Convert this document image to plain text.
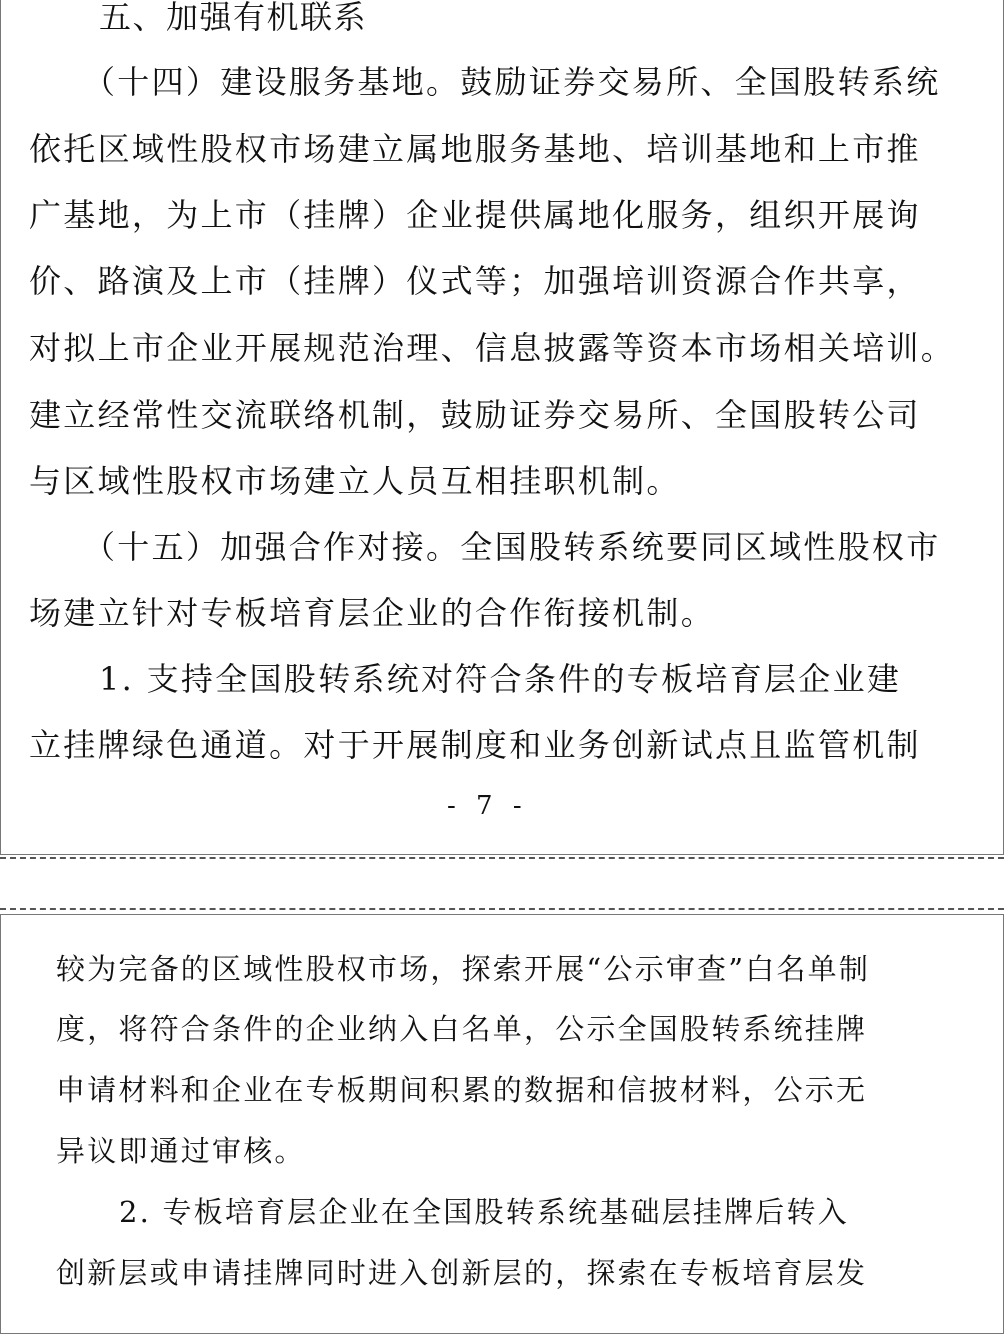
五、加强有机联系
（十四）建设服务基地。鼓励证券交易所、全国股转系统
依托区域性股权市场建立属地服务基地、培训基地和上市推
广基地，为上市（挂牌）企业提供属地化服务，组织开展询
价、路演及上市（挂牌）仪式等；加强培训资源合作共享，
对拟上市企业开展规范治理、信息披露等资本市场相关培训。
建立经常性交流联络机制，鼓励证券交易所、全国股转公司
与区域性股权市场建立人员互相挂职机制。
（十五）加强合作对接。全国股转系统要同区域性股权市
场建立针对专板培育层企业的合作衔接机制。
1. 支持全国股转系统对符合条件的专板培育层企业建
立挂牌绿色通道。对于开展制度和业务创新试点且监管机制
- 7 -
较为完备的区域性股权市场，探索开展“公示审查”白名单制
度，将符合条件的企业纳入白名单，公示全国股转系统挂牌
申请材料和企业在专板期间积累的数据和信披材料，公示无
异议即通过审核。
2. 专板培育层企业在全国股转系统基础层挂牌后转入
创新层或申请挂牌同时进入创新层的，探索在专板培育层发
